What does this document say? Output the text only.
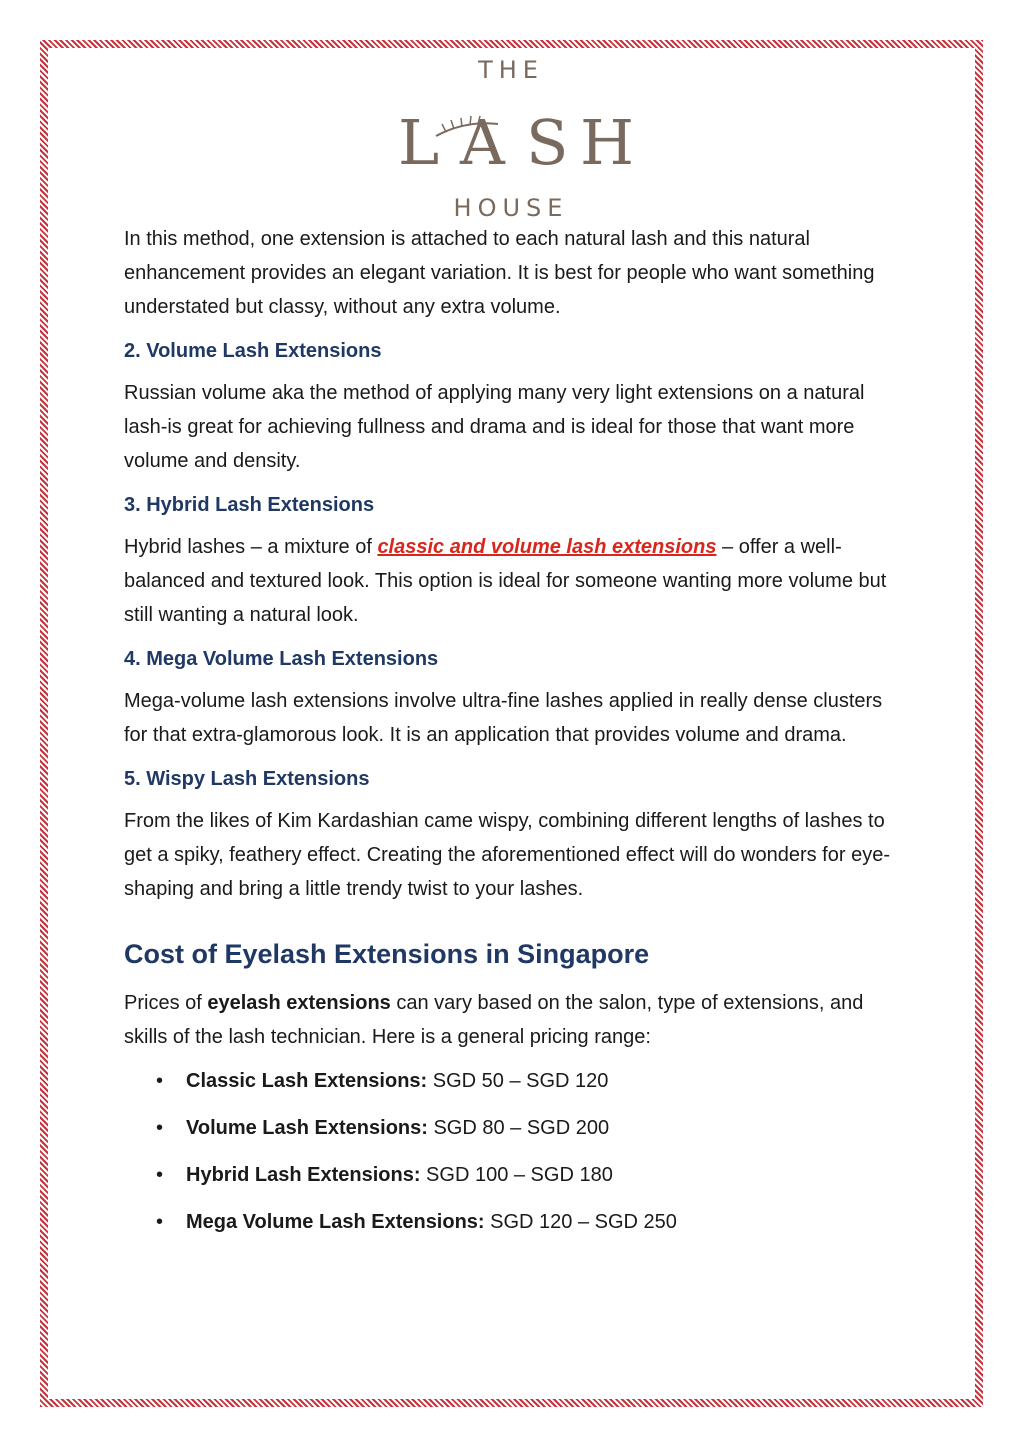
THE
L A S H
HOUSE

In this method, one extension is attached to each natural lash and this natural enhancement provides an elegant variation. It is best for people who want something understated but classy, without any extra volume.

2. Volume Lash Extensions

Russian volume aka the method of applying many very light extensions on a natural lash-is great for achieving fullness and drama and is ideal for those that want more volume and density.

3. Hybrid Lash Extensions

Hybrid lashes – a mixture of classic and volume lash extensions – offer a well-balanced and textured look. This option is ideal for someone wanting more volume but still wanting a natural look.

4. Mega Volume Lash Extensions

Mega-volume lash extensions involve ultra-fine lashes applied in really dense clusters for that extra-glamorous look. It is an application that provides volume and drama.

5. Wispy Lash Extensions

From the likes of Kim Kardashian came wispy, combining different lengths of lashes to get a spiky, feathery effect. Creating the aforementioned effect will do wonders for eye-shaping and bring a little trendy twist to your lashes.

Cost of Eyelash Extensions in Singapore

Prices of eyelash extensions can vary based on the salon, type of extensions, and skills of the lash technician. Here is a general pricing range:

• Classic Lash Extensions: SGD 50 – SGD 120
• Volume Lash Extensions: SGD 80 – SGD 200
• Hybrid Lash Extensions: SGD 100 – SGD 180
• Mega Volume Lash Extensions: SGD 120 – SGD 250
